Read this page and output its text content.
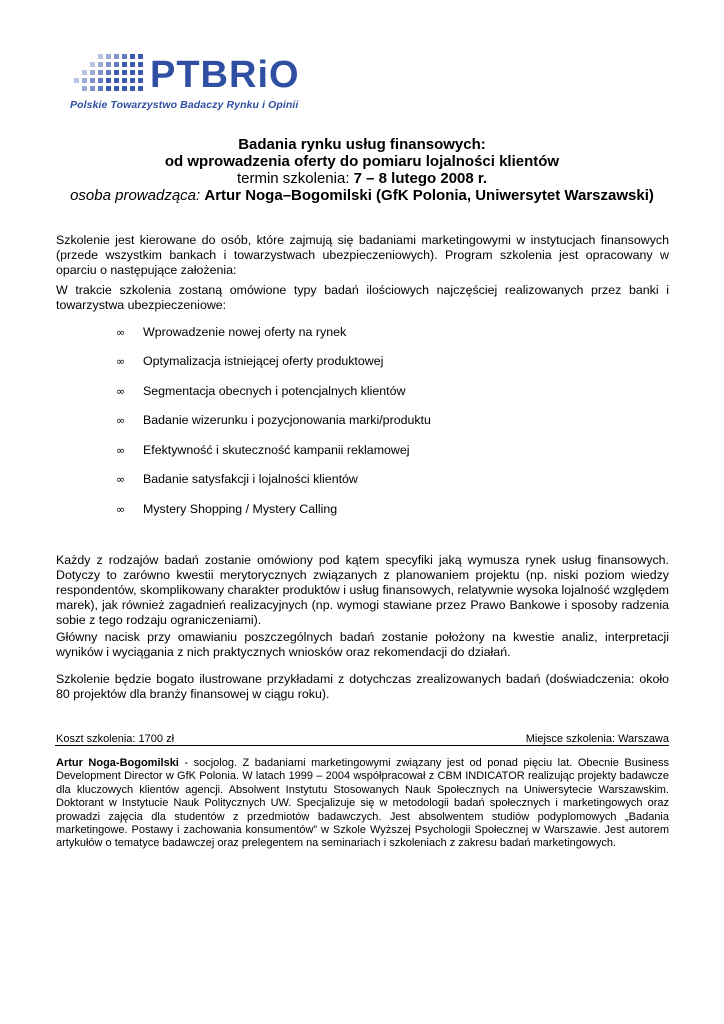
PTBRiO
Polskie Towarzystwo Badaczy Rynku i Opinii
Badania rynku usług finansowych:
od wprowadzenia oferty do pomiaru lojalności klientów
termin szkolenia: 7 – 8 lutego 2008 r.
osoba prowadząca: Artur Noga–Bogomilski (GfK Polonia, Uniwersytet Warszawski)
Szkolenie jest kierowane do osób, które zajmują się badaniami marketingowymi w instytucjach finansowych (przede wszystkim bankach i towarzystwach ubezpieczeniowych). Program szkolenia jest opracowany w oparciu o następujące założenia:
W trakcie szkolenia zostaną omówione typy badań ilościowych najczęściej realizowanych przez banki i towarzystwa ubezpieczeniowe:
∞	Wprowadzenie nowej oferty na rynek
∞	Optymalizacja istniejącej oferty produktowej
∞	Segmentacja obecnych i potencjalnych klientów
∞	Badanie wizerunku i pozycjonowania marki/produktu
∞	Efektywność i skuteczność kampanii reklamowej
∞	Badanie satysfakcji i lojalności klientów
∞	Mystery Shopping / Mystery Calling
Każdy z rodzajów badań zostanie omówiony pod kątem specyfiki jaką wymusza rynek usług finansowych. Dotyczy to zarówno kwestii merytorycznych związanych z planowaniem projektu (np. niski poziom wiedzy respondentów, skomplikowany charakter produktów i usług finansowych, relatywnie wysoka lojalność względem marek), jak również zagadnień realizacyjnych (np. wymogi stawiane przez Prawo Bankowe i sposoby radzenia sobie z tego rodzaju ograniczeniami).
Główny nacisk przy omawianiu poszczególnych badań zostanie położony na kwestie analiz, interpretacji wyników i wyciągania z nich praktycznych wniosków oraz rekomendacji do działań.
Szkolenie będzie bogato ilustrowane przykładami z dotychczas zrealizowanych badań (doświadczenia: około 80 projektów dla branży finansowej w ciągu roku).
Koszt szkolenia: 1700 zł	Miejsce szkolenia: Warszawa
Artur Noga-Bogomilski - socjolog. Z badaniami marketingowymi związany jest od ponad pięciu lat. Obecnie Business Development Director w GfK Polonia. W latach 1999 – 2004 współpracował z CBM INDICATOR realizując projekty badawcze dla kluczowych klientów agencji. Absolwent Instytutu Stosowanych Nauk Społecznych na Uniwersytecie Warszawskim. Doktorant w Instytucie Nauk Politycznych UW. Specjalizuje się w metodologii badań społecznych i marketingowych oraz prowadzi zajęcia dla studentów z przedmiotów badawczych. Jest absolwentem studiów podyplomowych „Badania marketingowe. Postawy i zachowania konsumentów” w Szkole Wyższej Psychologii Społecznej w Warszawie. Jest autorem artykułów o tematyce badawczej oraz prelegentem na seminariach i szkoleniach z zakresu badań marketingowych.
